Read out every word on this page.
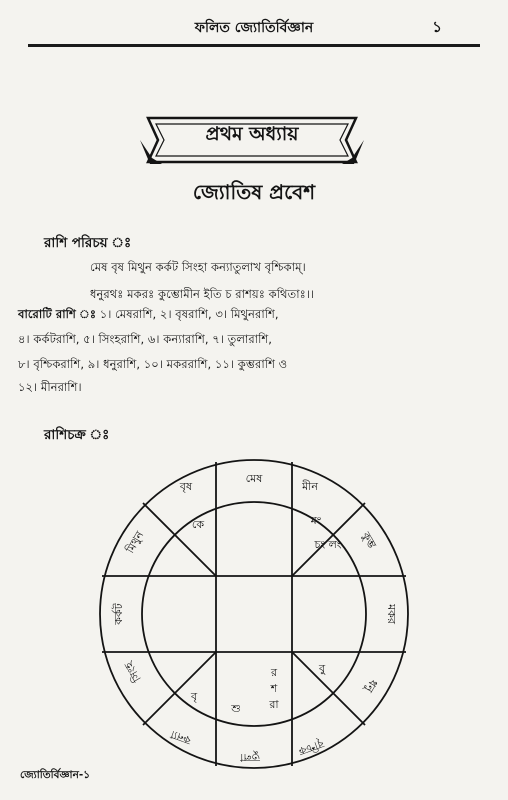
ফলিত জ্যোতির্বিজ্ঞান	১
প্রথম অধ্যায়
জ্যোতিষ প্রবেশ
রাশি পরিচয় ঃ
মেষ বৃষ মিথুন কর্কট সিংহা কন্যাতুলাখ বৃশ্চিকাম্।
ধনুরথঃ মকরঃ কুম্ভোমীন ইতি চ রাশয়ঃ কথিতাঃ।।
বারোটি রাশি ঃ ১। মেষরাশি, ২। বৃষরাশি, ৩। মিথুনরাশি,
৪। কর্কটরাশি, ৫। সিংহরাশি, ৬। কন্যারাশি, ৭। তুলারাশি,
৮। বৃশ্চিকরাশি, ৯। ধনুরাশি, ১০। মকররাশি, ১১। কুম্ভরাশি ও
১২। মীনরাশি।
রাশিচক্র ঃ
মেষ
মীন
বৃষ
কুম্ভ
মকর
ধনু
বৃশ্চিক
তুলা
কন্যা
সিংহ
কর্কট
মিথুন
কে	মং
চং লং
বু
র
শ
রা
বৃ
শু
জ্যোতির্বিজ্ঞান-১
